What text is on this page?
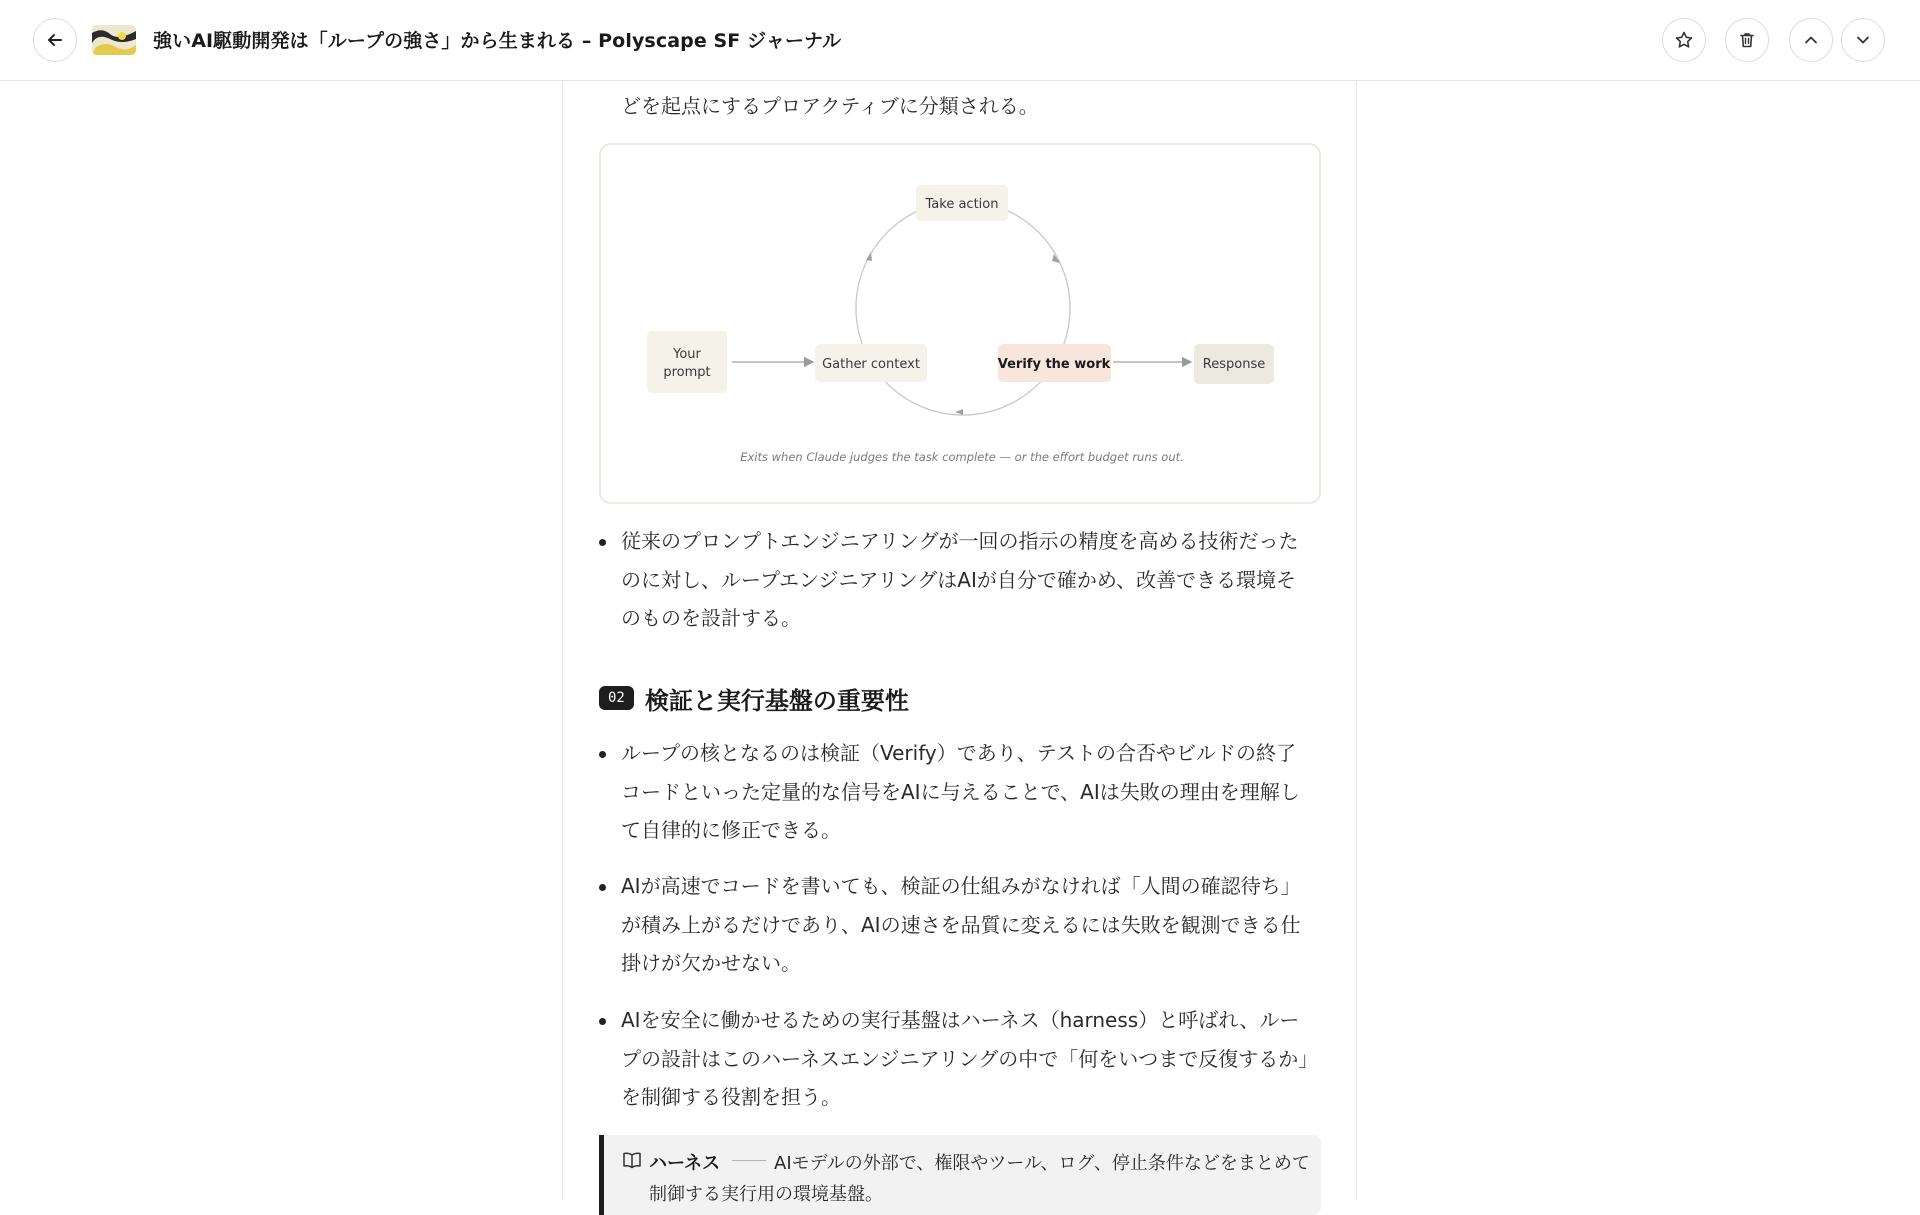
強いAI駆動開発は「ループの強さ」から生まれる – Polyscape SF ジャーナル
どを起点にするプロアクティブに分類される。
Take action
Your
prompt
Gather context	Verify the work	Response
Exits when Claude judges the task complete — or the effort budget runs out.
従来のプロンプトエンジニアリングが一回の指示の精度を高める技術だった
のに対し、ループエンジニアリングはAIが自分で確かめ、改善できる環境そ
のものを設計する。
02 検証と実行基盤の重要性
ループの核となるのは検証（Verify）であり、テストの合否やビルドの終了
コードといった定量的な信号をAIに与えることで、AIは失敗の理由を理解し
て自律的に修正できる。
AIが高速でコードを書いても、検証の仕組みがなければ「人間の確認待ち」
が積み上がるだけであり、AIの速さを品質に変えるには失敗を観測できる仕
掛けが欠かせない。
AIを安全に働かせるための実行基盤はハーネス（harness）と呼ばれ、ルー
プの設計はこのハーネスエンジニアリングの中で「何をいつまで反復するか」
を制御する役割を担う。
ハーネス	AIモデルの外部で、権限やツール、ログ、停止条件などをまとめて
制御する実行用の環境基盤。
